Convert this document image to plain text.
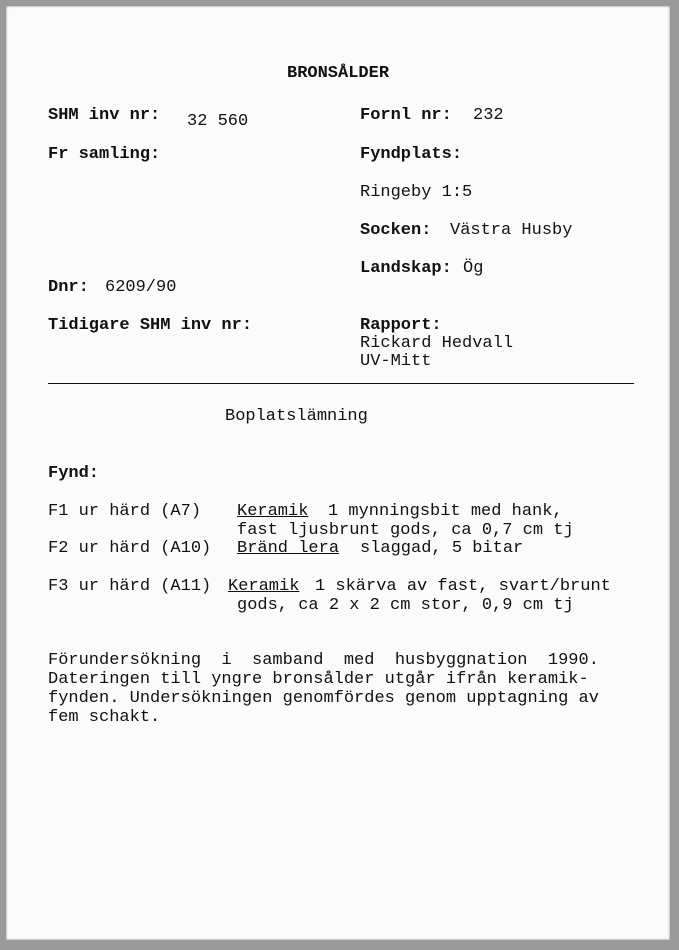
BRONSÅLDER
SHM inv nr: 32 560
Fr samling:
Dnr: 6209/90
Tidigare SHM inv nr:
Fornl nr: 232
Fyndplats:
Ringeby 1:5
Socken: Västra Husby
Landskap: Ög
Rapport:
Rickard Hedvall
UV-Mitt
Boplatslämning
Fynd:
F1 ur härd (A7) Keramik 1 mynningsbit med hank,
fast ljusbrunt gods, ca 0,7 cm tj
F2 ur härd (A10) Bränd lera slaggad, 5 bitar
F3 ur härd (A11) Keramik 1 skärva av fast, svart/brunt
gods, ca 2 x 2 cm stor, 0,9 cm tj
Förundersökning  i  samband  med  husbyggnation  1990.
Dateringen till yngre bronsålder utgår ifrån keramik-
fynden. Undersökningen genomfördes genom upptagning av
fem schakt.
